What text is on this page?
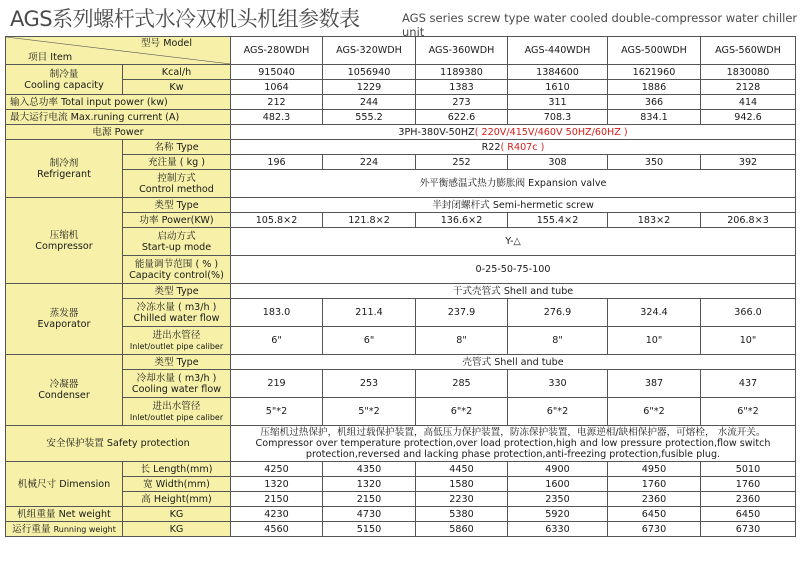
AGS系列螺杆式水冷双机头机组参数表	AGS series screw type water cooled double-compressor water chiller unit
型号 Model
项目 Item		AGS-280WDH	AGS-320WDH	AGS-360WDH	AGS-440WDH	AGS-500WDH	AGS-560WDH
制冷量
Cooling capacity	Kcal/h	915040	1056940	1189380	1384600	1621960	1830080
	Kw	1064	1229	1383	1610	1886	2128
输入总功率 Total input power (kw)		212	244	273	311	366	414
最大运行电流 Max.runing current (A)		482.3	555.2	622.6	708.3	834.1	942.6
电源 Power		3PH-380V-50HZ( 220V/415V/460V 50HZ/60HZ )					
制冷剂
Refrigerant	名称 Type	R22( R407c )					
	充注量 ( kg )	196	224	252	308	350	392
	控制方式
Control method	外平衡感温式热力膨胀阀 Expansion valve					
压缩机
Compressor	类型 Type	半封闭螺杆式 Semi-hermetic screw					
	功率 Power(KW)	105.8×2	121.8×2	136.6×2	155.4×2	183×2	206.8×3
	启动方式
Start-up mode	Y-△					
	能量调节范围 ( % )
Capacity control(%)	0-25-50-75-100					
蒸发器
Evaporator	类型 Type	干式壳管式 Shell and tube					
	冷冻水量 ( m3/h )
Chilled water flow	183.0	211.4	237.9	276.9	324.4	366.0
	进出水管径
Inlet/outlet pipe caliber	6"	6"	8"	8"	10"	10"
冷凝器
Condenser	类型 Type	壳管式 Shell and tube					
	冷却水量 ( m3/h )
Cooling water flow	219	253	285	330	387	437
	进出水管径
Inlet/outlet pipe caliber	5"*2	5"*2	6"*2	6"*2	6"*2	6"*2
安全保护装置 Safety protection		压缩机过热保护，机组过载保护装置，高低压力保护装置，防冻保护装置，电源逆相/缺相保护器，可熔栓， 水流开关。
Compressor over temperature protection,over load protection,high and low pressure protection,flow switch protection,reversed and lacking phase protection,anti-freezing protection,fusible plug.					
机械尺寸 Dimension	长 Length(mm)	4250	4350	4450	4900	4950	5010
	宽 Width(mm)	1320	1320	1580	1600	1760	1760
	高 Height(mm)	2150	2150	2230	2350	2360	2360
机组重量 Net weight	KG	4230	4730	5380	5920	6450	6450
运行重量 Running weight	KG	4560	5150	5860	6330	6730	6730
